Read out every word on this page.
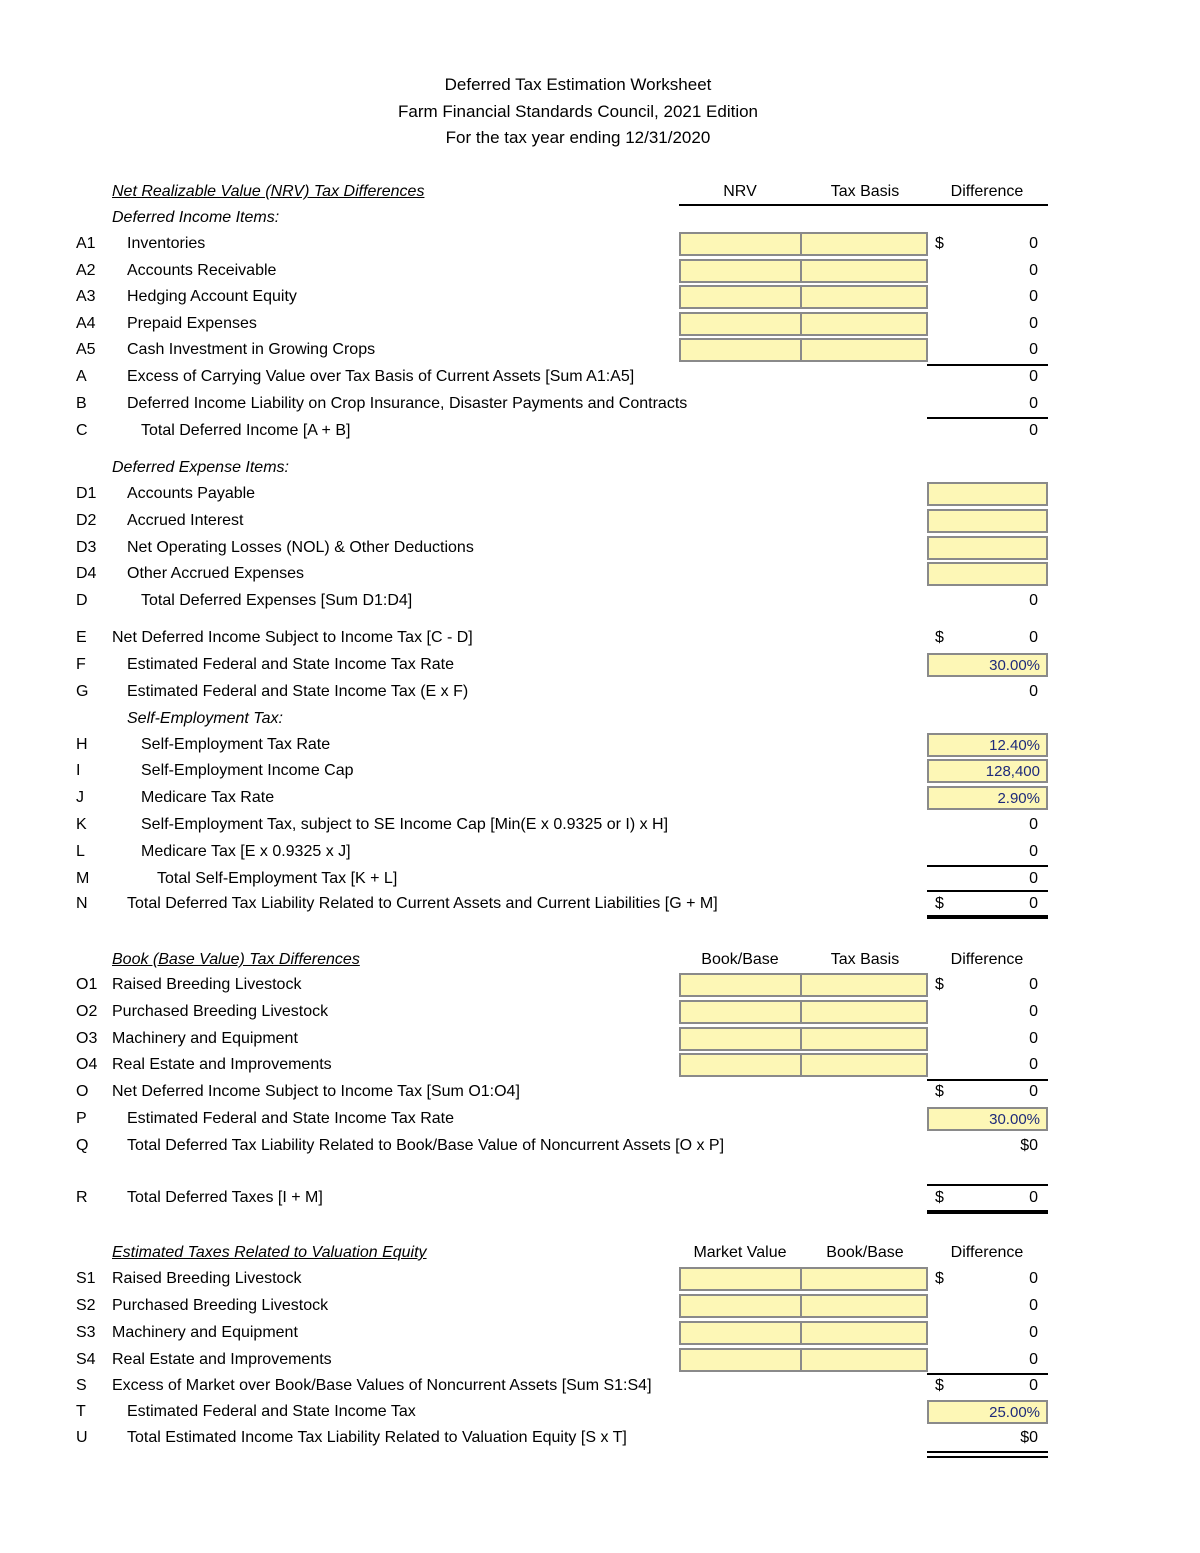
Deferred Tax Estimation Worksheet
Farm Financial Standards Council, 2021 Edition
For the tax year ending 12/31/2020
Net Realizable Value (NRV) Tax Differences	NRV	Tax Basis	Difference
Deferred Income Items:
A1 Inventories	$	0
A2 Accounts Receivable	0
A3 Hedging Account Equity	0
A4 Prepaid Expenses	0
A5 Cash Investment in Growing Crops	0
A	Excess of Carrying Value over Tax Basis of Current Assets [Sum A1:A5]	0
B	Deferred Income Liability on Crop Insurance, Disaster Payments and Contracts	0
C	Total Deferred Income [A + B]	0
Deferred Expense Items:
D1 Accounts Payable
D2 Accrued Interest
D3 Net Operating Losses (NOL) & Other Deductions
D4 Other Accrued Expenses
D	Total Deferred Expenses [Sum D1:D4]	0
E Net Deferred Income Subject to Income Tax [C - D]	$	0
F	Estimated Federal and State Income Tax Rate	30.00%
G Estimated Federal and State Income Tax (E x F)	0
Self-Employment Tax:
H	Self-Employment Tax Rate	12.40%
I	Self-Employment Income Cap	128,400
J	Medicare Tax Rate	2.90%
K	Self-Employment Tax, subject to SE Income Cap [Min(E x 0.9325 or I) x H]	0
L	Medicare Tax [E x 0.9325 x J]	0
M	Total Self-Employment Tax [K + L]	0
N Total Deferred Tax Liability Related to Current Assets and Current Liabilities [G + M]	$	0
Book (Base Value) Tax Differences	Book/Base	Tax Basis	Difference
O1 Raised Breeding Livestock	$	0
O2 Purchased Breeding Livestock	0
O3 Machinery and Equipment	0
O4 Real Estate and Improvements	0
O Net Deferred Income Subject to Income Tax [Sum O1:O4]	$	0
P	Estimated Federal and State Income Tax Rate	30.00%
Q Total Deferred Tax Liability Related to Book/Base Value of Noncurrent Assets [O x P]	$0
R Total Deferred Taxes [I + M]	$	0
Estimated Taxes Related to Valuation Equity	Market Value	Book/Base	Difference
S1 Raised Breeding Livestock	$	0
S2 Purchased Breeding Livestock	0
S3 Machinery and Equipment	0
S4 Real Estate and Improvements	0
S Excess of Market over Book/Base Values of Noncurrent Assets [Sum S1:S4]	$	0
T	Estimated Federal and State Income Tax	25.00%
U Total Estimated Income Tax Liability Related to Valuation Equity [S x T]	$0
